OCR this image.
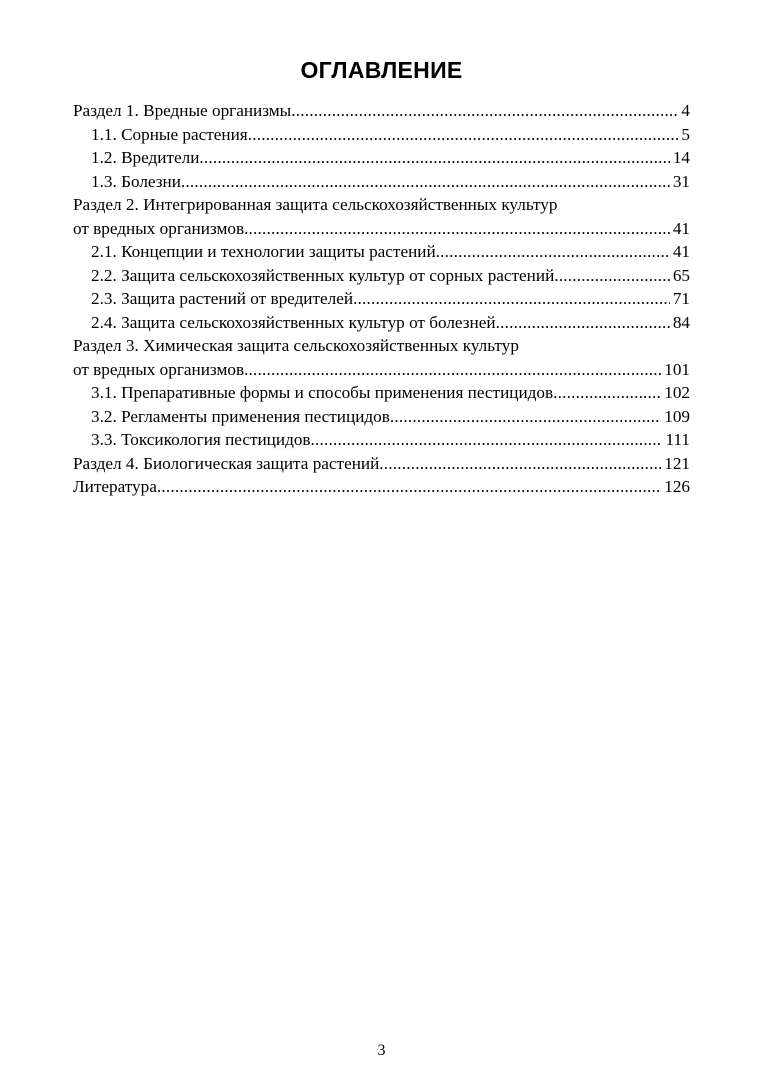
ОГЛАВЛЕНИЕ
Раздел 1. Вредные организмы .....	4
1.1. Сорные растения .....	5
1.2. Вредители .....	14
1.3. Болезни .....	31
Раздел 2. Интегрированная защита сельскохозяйственных культур
от вредных организмов .....	41
2.1. Концепции и технологии защиты растений .....	41
2.2. Защита сельскохозяйственных культур от сорных растений .....	65
2.3. Защита растений от вредителей .....	71
2.4. Защита сельскохозяйственных культур от болезней .....	84
Раздел 3. Химическая защита сельскохозяйственных культур
от вредных организмов .....	101
3.1. Препаративные формы и способы применения пестицидов .....	102
3.2. Регламенты применения пестицидов .....	109
3.3. Токсикология пестицидов .....	111
Раздел 4. Биологическая защита растений .....	121
Литература .....	126
3
